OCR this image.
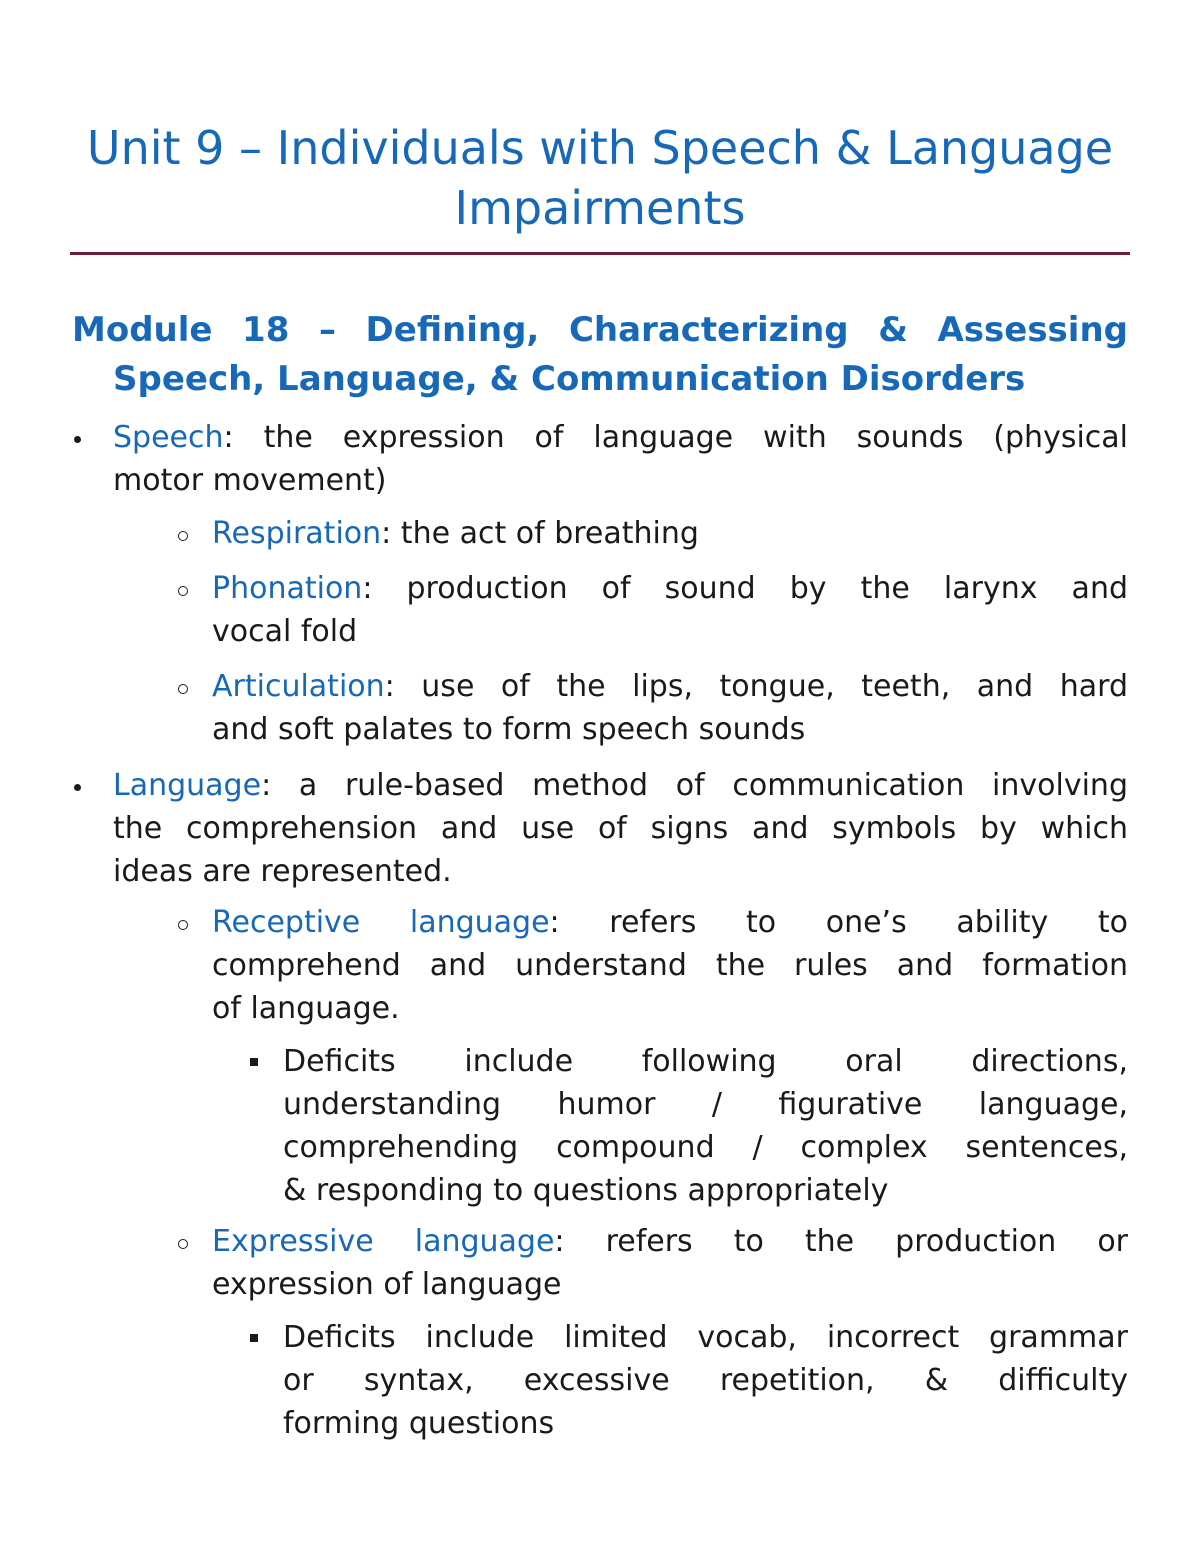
Unit 9 – Individuals with Speech & Language
Impairments
Module 18 – Defining, Characterizing & Assessing
Speech, Language, & Communication Disorders
Speech: the expression of language with sounds (physical
motor movement)
Respiration: the act of breathing
Phonation: production of sound by the larynx and
vocal fold
Articulation: use of the lips, tongue, teeth, and hard
and soft palates to form speech sounds
Language: a rule-based method of communication involving
the comprehension and use of signs and symbols by which
ideas are represented.
Receptive language: refers to one’s ability to
comprehend and understand the rules and formation
of language.
Deficits include following oral directions,
understanding humor / figurative language,
comprehending compound / complex sentences,
& responding to questions appropriately
Expressive language: refers to the production or
expression of language
Deficits include limited vocab, incorrect grammar
or syntax, excessive repetition, & difficulty
forming questions
